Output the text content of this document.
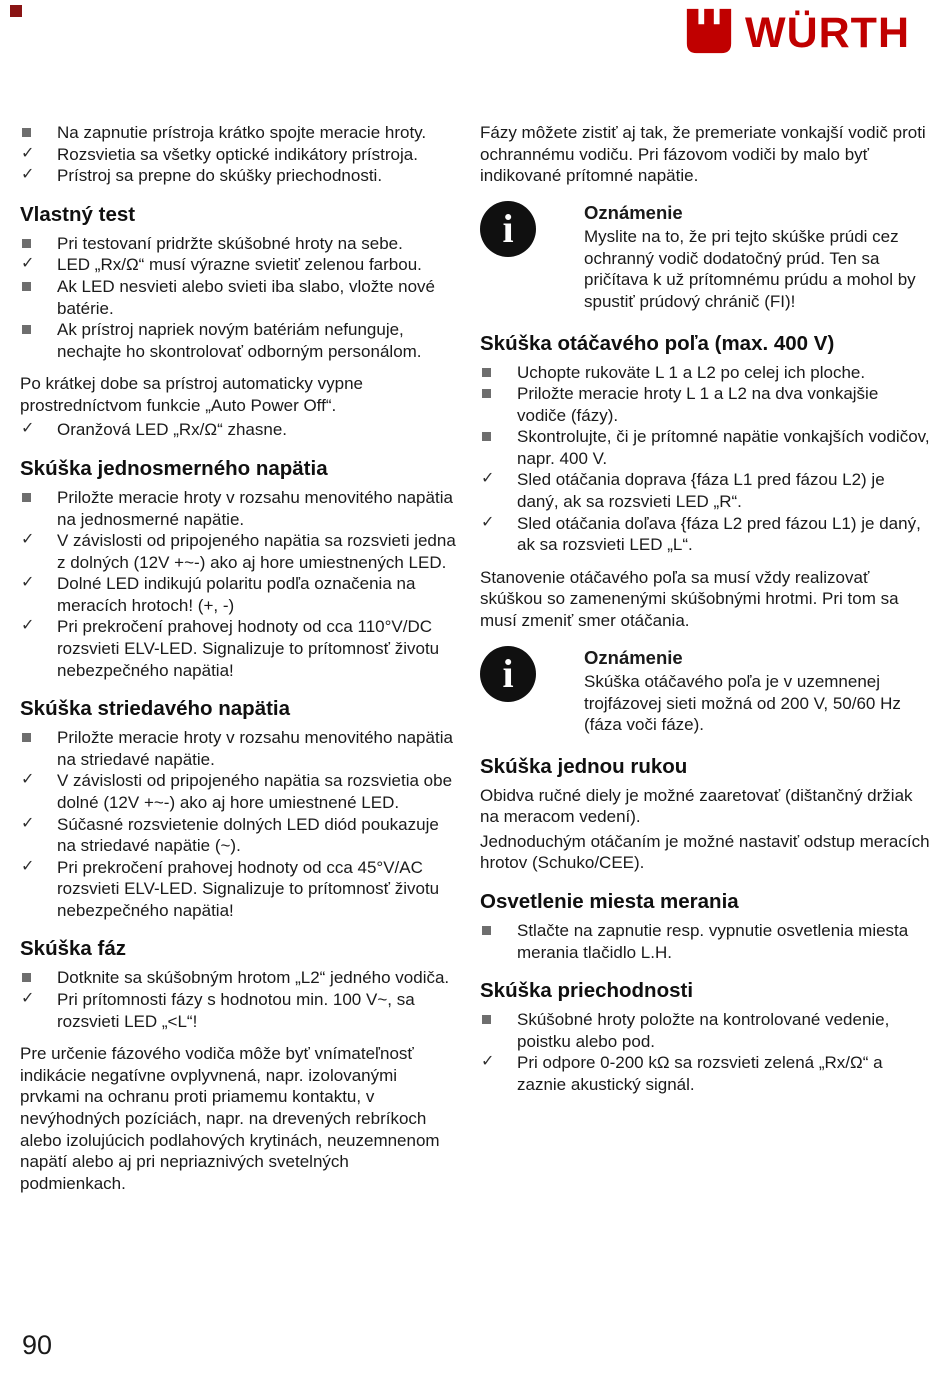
WÜRTH
Na zapnutie prístroja krátko spojte meracie hroty.
✓	Rozsvietia sa všetky optické indikátory prístroja.
✓	Prístroj sa prepne do skúšky priechodnosti.
Vlastný test
Pri testovaní pridržte skúšobné hroty na sebe.
✓	LED „Rx/Ω“ musí výrazne svietiť zelenou farbou.
Ak LED nesvieti alebo svieti iba slabo, vložte nové batérie.
Ak prístroj napriek novým batériám nefunguje, nechajte ho skontrolovať odborným personálom.

Po krátkej dobe sa prístroj automaticky vypne prostredníctvom funkcie „Auto Power Off“.

✓	Oranžová LED „Rx/Ω“ zhasne.
Skúška jednosmerného napätia
Priložte meracie hroty v rozsahu menovitého napätia na jednosmerné napätie.
✓	V závislosti od pripojeného napätia sa rozsvieti jedna z dolných (12V +~-) ako aj hore umiestnených LED.
✓	Dolné LED indikujú polaritu podľa označenia na meracích hrotoch! (+, -)
✓	Pri prekročení prahovej hodnoty od cca 110°V/DC rozsvieti ELV-LED. Signalizuje to prítomnosť životu nebezpečného napätia!
Skúška striedavého napätia
Priložte meracie hroty v rozsahu menovitého napätia na striedavé napätie.
✓	V závislosti od pripojeného napätia sa rozsvietia obe dolné (12V +~-) ako aj hore umiestnené LED.
✓	Súčasné rozsvietenie dolných LED diód poukazuje na striedavé napätie (~).
✓	Pri prekročení prahovej hodnoty od cca 45°V/AC rozsvieti ELV-LED. Signalizuje to prítomnosť životu nebezpečného napätia!
Skúška fáz
Dotknite sa skúšobným hrotom „L2“ jedného vodiča.
✓	Pri prítomnosti fázy s hodnotou min. 100 V~, sa rozsvieti LED „<L“!

Pre určenie fázového vodiča môže byť vnímateľnosť indikácie negatívne ovplyvnená, napr. izolovanými prvkami na ochranu proti priamemu kontaktu, v nevýhodných pozíciách, napr. na drevených rebríkoch alebo izolujúcich podlahových krytinách, neuzemnenom napätí alebo aj pri nepriaznivých svetelných podmienkach.

Fázy môžete zistiť aj tak, že premeriate vonkajší vodič proti ochrannému vodiču. Pri fázovom vodiči by malo byť indikované prítomné napätie.

i	Oznámenie
Myslite na to, že pri tejto skúške prúdi cez ochranný vodič dodatočný prúd. Ten sa pričítava k už prítomnému prúdu a mohol by spustiť prúdový chránič (FI)!
Skúška otáčavého poľa (max. 400 V)
Uchopte rukoväte L 1 a L2 po celej ich ploche.
Priložte meracie hroty L 1 a L2 na dva vonkajšie vodiče (fázy).
Skontrolujte, či je prítomné napätie vonkajších vodičov, napr. 400 V.
✓	Sled otáčania doprava {fáza L1 pred fázou L2) je daný, ak sa rozsvieti LED „R“.
✓	Sled otáčania doľava {fáza L2 pred fázou L1) je daný, ak sa rozsvieti LED „L“.

Stanovenie otáčavého poľa sa musí vždy realizovať skúškou so zamenenými skúšobnými hrotmi. Pri tom sa musí zmeniť smer otáčania.

i	Oznámenie
Skúška otáčavého poľa je v uzemnenej trojfázovej sieti možná od 200 V, 50/60 Hz (fáza voči fáze).
Skúška jednou rukou

Obidva ručné diely je možné zaaretovať (dištančný držiak na meracom vedení).

Jednoduchým otáčaním je možné nastaviť odstup meracích hrotov (Schuko/CEE).

Osvetlenie miesta merania
Stlačte na zapnutie resp. vypnutie osvetlenia miesta merania tlačidlo L.H.
Skúška priechodnosti
Skúšobné hroty položte na kontrolované vedenie, poistku alebo pod.
✓	Pri odpore 0-200 kΩ sa rozsvieti zelená „Rx/Ω“ a zaznie akustický signál.
90
